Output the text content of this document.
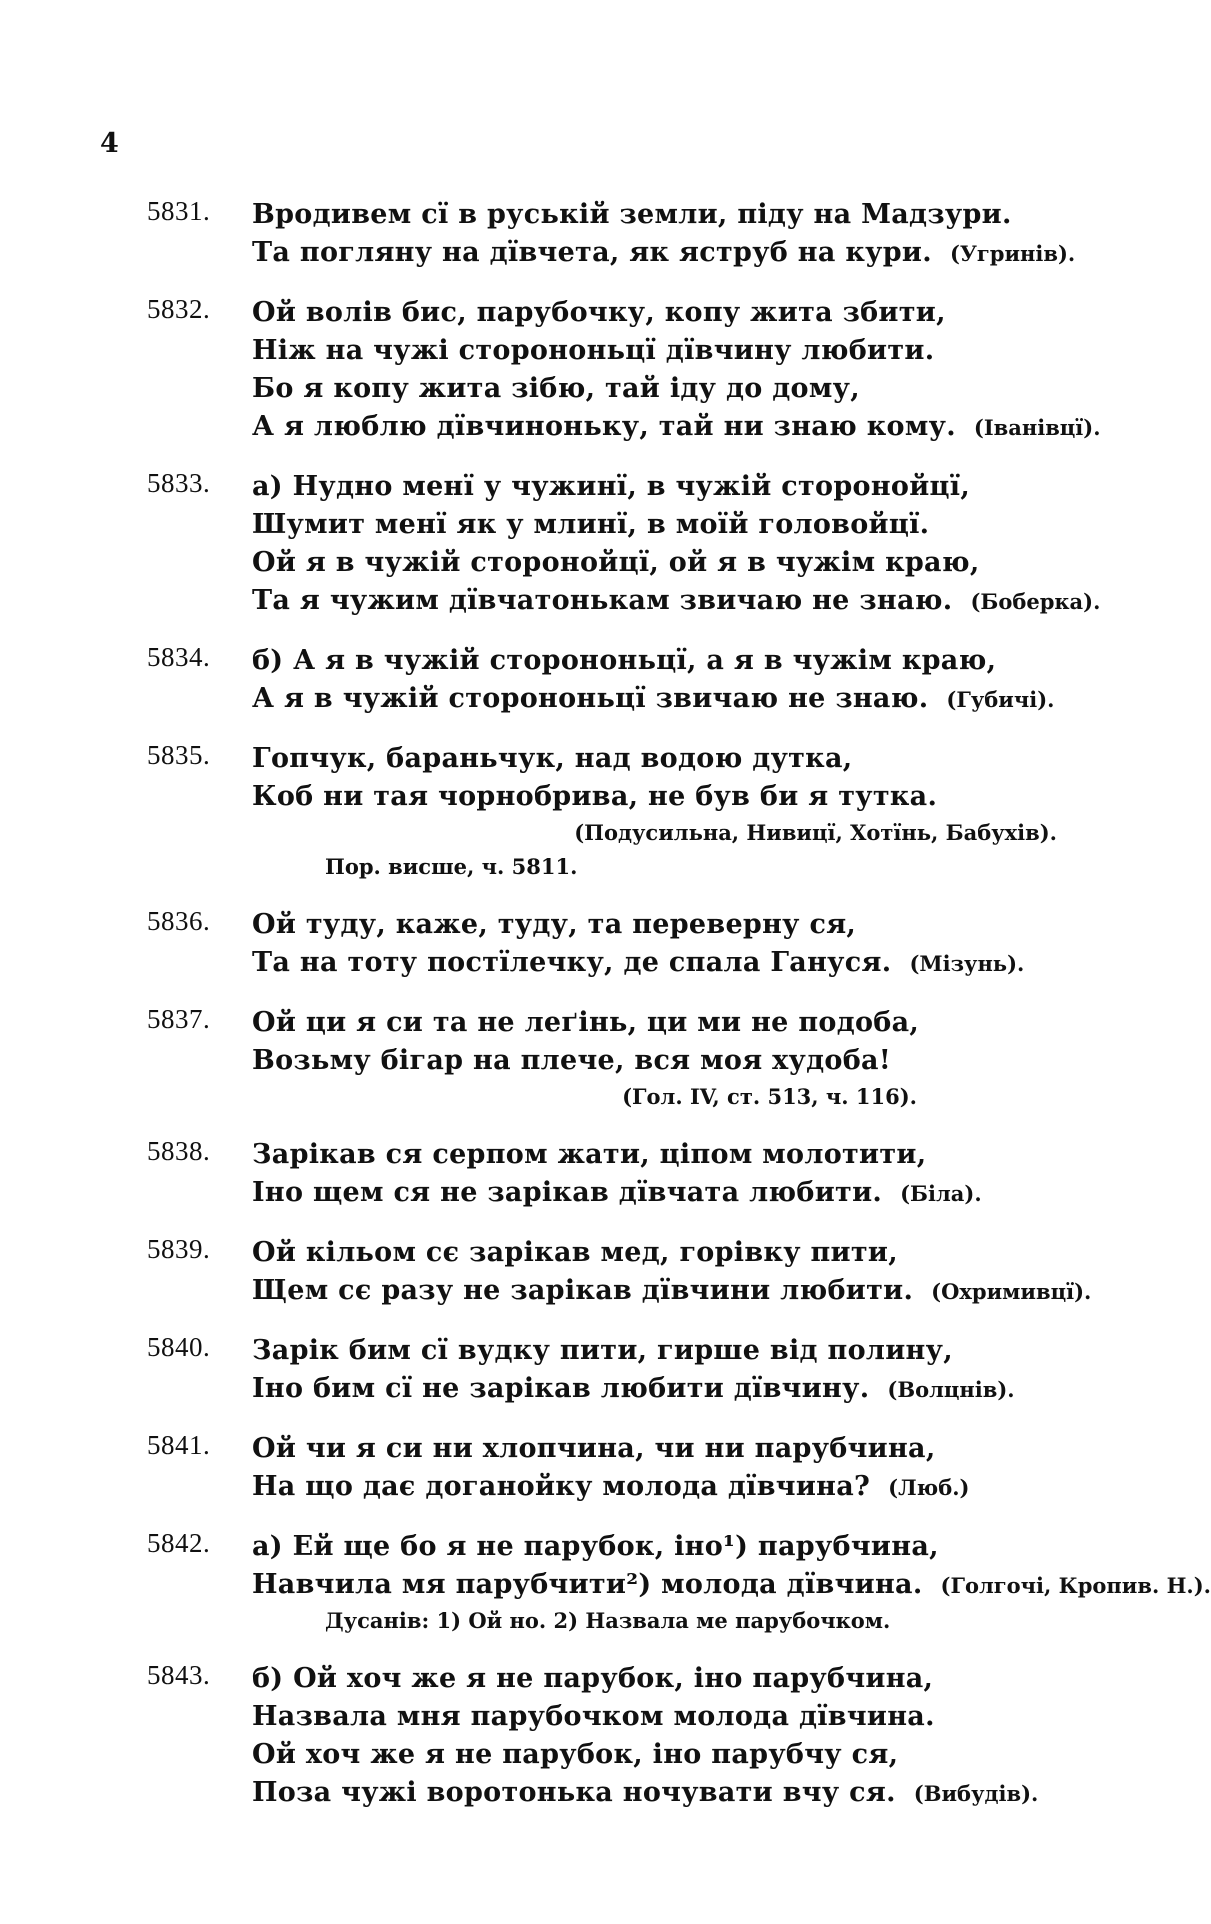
4
5831. Вродивем сї в руській земли, піду на Мадзури.
Та погляну на дївчета, як яструб на кури. (Угринів).
5832. Ой волів бис, парубочку, копу жита збити,
Ніж на чужі сторононьцї дївчину любити.
Бо я копу жита зібю, тай іду до дому,
А я люблю дївчиноньку, тай ни знаю кому. (Іванівцї).
5833. а) Нудно менї у чужинї, в чужій сторонойцї,
Шумит менї як у млинї, в моїй головойцї.
Ой я в чужій сторонойцї, ой я в чужім краю,
Та я чужим дївчатонькам звичаю не знаю. (Боберка).
5834. б) А я в чужій сторононьцї, а я в чужім краю,
А я в чужій сторононьцї звичаю не знаю. (Губичі).
5835. Гопчук, бараньчук, над водою дутка,
Коб ни тая чорнобрива, не був би я тутка.
(Подусильна, Нивицї, Хотїнь, Бабухів).
Пор. висше, ч. 5811.
5836. Ой туду, каже, туду, та переверну ся,
Та на тоту постїлечку, де спала Гануся. (Мізунь).
5837. Ой ци я си та не леґінь, ци ми не подоба,
Возьму бігар на плече, вся моя худоба!
(Гол. IV, ст. 513, ч. 116).
5838. Зарікав ся серпом жати, ціпом молотити,
Іно щем ся не зарікав дївчата любити. (Біла).
5839. Ой кільом сє зарікав мед, горівку пити,
Щем сє разу не зарікав дївчини любити. (Охримивцї).
5840. Зарік бим сї вудку пити, гирше від полину,
Іно бим сї не зарікав любити дївчину. (Волцнів).
5841. Ой чи я си ни хлопчина, чи ни парубчина,
На що дає доганойку молода дївчина? (Люб.)
5842. а) Ей ще бо я не парубок, іно¹) парубчина,
Навчила мя парубчити²) молода дївчина. (Голгочі, Кропив. Н.).
Дусанів: 1) Ой но. 2) Назвала ме парубочком.
5843. б) Ой хоч же я не парубок, іно парубчина,
Назвала мня парубочком молода дївчина.
Ой хоч же я не парубок, іно парубчу ся,
Поза чужі воротонька ночувати вчу ся. (Вибудів).
